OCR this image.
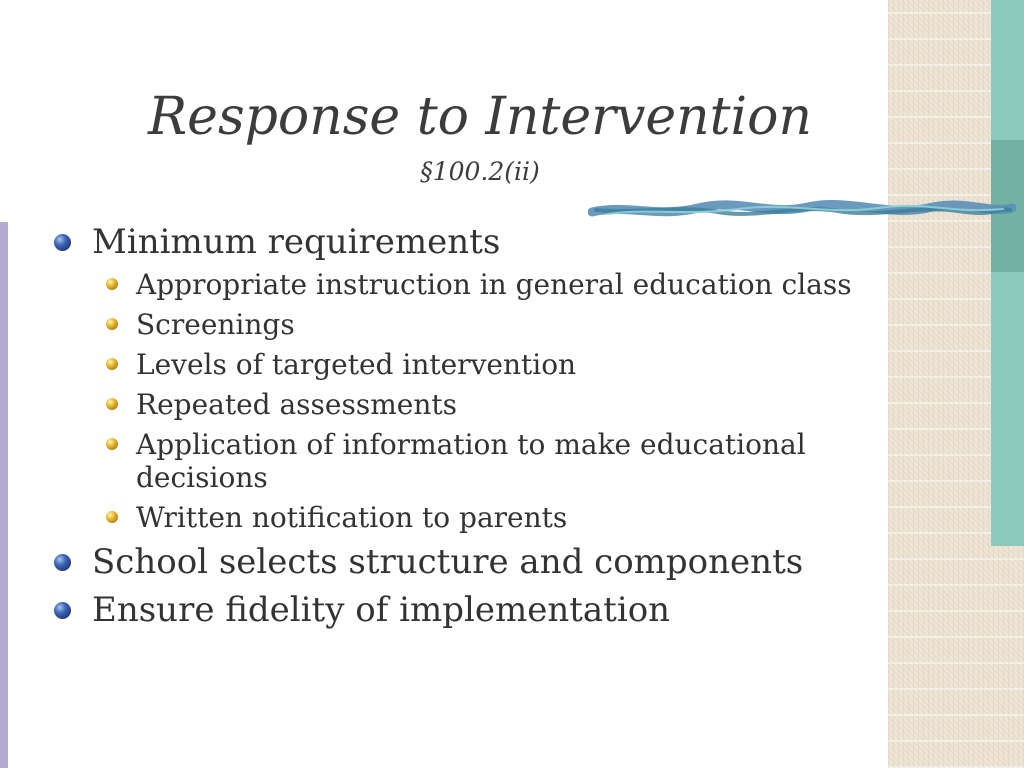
Response to Intervention
§100.2(ii)
Minimum requirements
Appropriate instruction in general education class
Screenings
Levels of targeted intervention
Repeated assessments
Application of information to make educational decisions
Written notification to parents
School selects structure and components
Ensure fidelity of implementation
